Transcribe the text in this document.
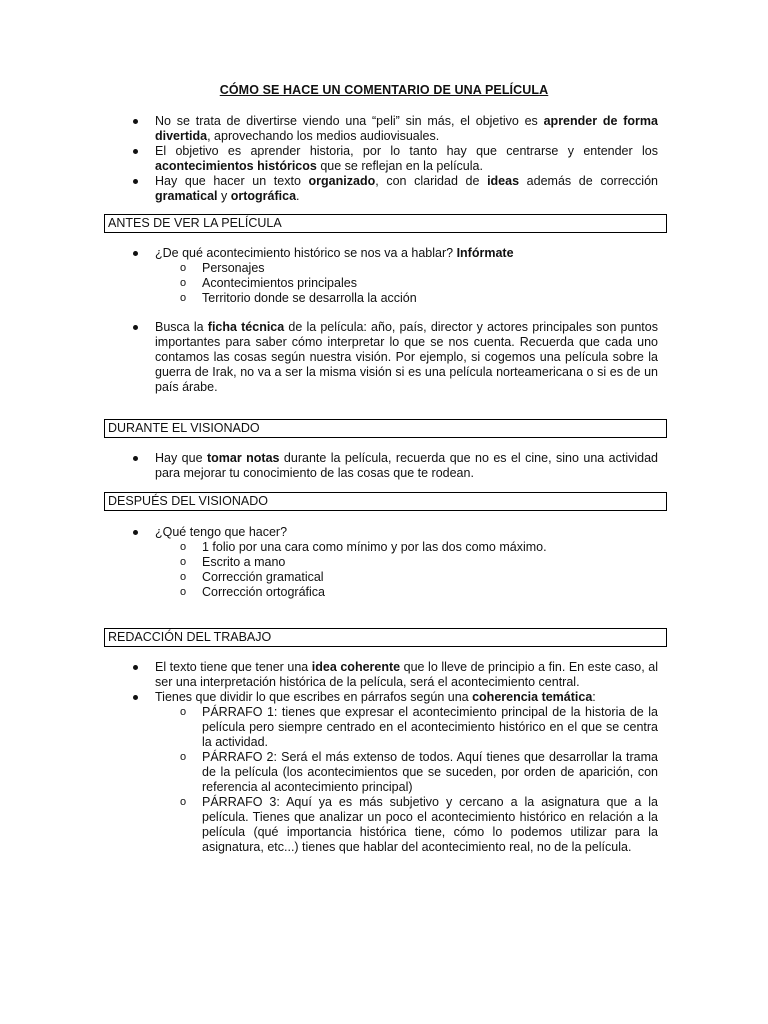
CÓMO SE HACE UN COMENTARIO DE UNA PELÍCULA
No se trata de divertirse viendo una “peli” sin más, el objetivo es aprender de forma divertida, aprovechando los medios audiovisuales.
El objetivo es aprender historia, por lo tanto hay que centrarse y entender los acontecimientos históricos que se reflejan en la película.
Hay que hacer un texto organizado, con claridad de ideas además de corrección gramatical y ortográfica.
ANTES DE VER LA PELÍCULA
¿De qué acontecimiento histórico se nos va a hablar? Infórmate
o Personajes
o Acontecimientos principales
o Territorio donde se desarrolla la acción
Busca la ficha técnica de la película: año, país, director y actores principales son puntos importantes para saber cómo interpretar lo que se nos cuenta. Recuerda que cada uno contamos las cosas según nuestra visión. Por ejemplo, si cogemos una película sobre la guerra de Irak, no va a ser la misma visión si es una película norteamericana o si es de un país árabe.
DURANTE EL VISIONADO
Hay que tomar notas durante la película, recuerda que no es el cine, sino una actividad para mejorar tu conocimiento de las cosas que te rodean.
DESPUÉS DEL VISIONADO
¿Qué tengo que hacer?
o 1 folio por una cara como mínimo y por las dos como máximo.
o Escrito a mano
o Corrección gramatical
o Corrección ortográfica
REDACCIÓN DEL TRABAJO
El texto tiene que tener una idea coherente que lo lleve de principio a fin. En este caso, al ser una interpretación histórica de la película, será el acontecimiento central.
Tienes que dividir lo que escribes en párrafos según una coherencia temática:
o PÁRRAFO 1: tienes que expresar el acontecimiento principal de la historia de la película pero siempre centrado en el acontecimiento histórico en el que se centra la actividad.
o PÁRRAFO 2: Será el más extenso de todos. Aquí tienes que desarrollar la trama de la película (los acontecimientos que se suceden, por orden de aparición, con referencia al acontecimiento principal)
o PÁRRAFO 3: Aquí ya es más subjetivo y cercano a la asignatura que a la película. Tienes que analizar un poco el acontecimiento histórico en relación a la película (qué importancia histórica tiene, cómo lo podemos utilizar para la asignatura, etc...) tienes que hablar del acontecimiento real, no de la película.
